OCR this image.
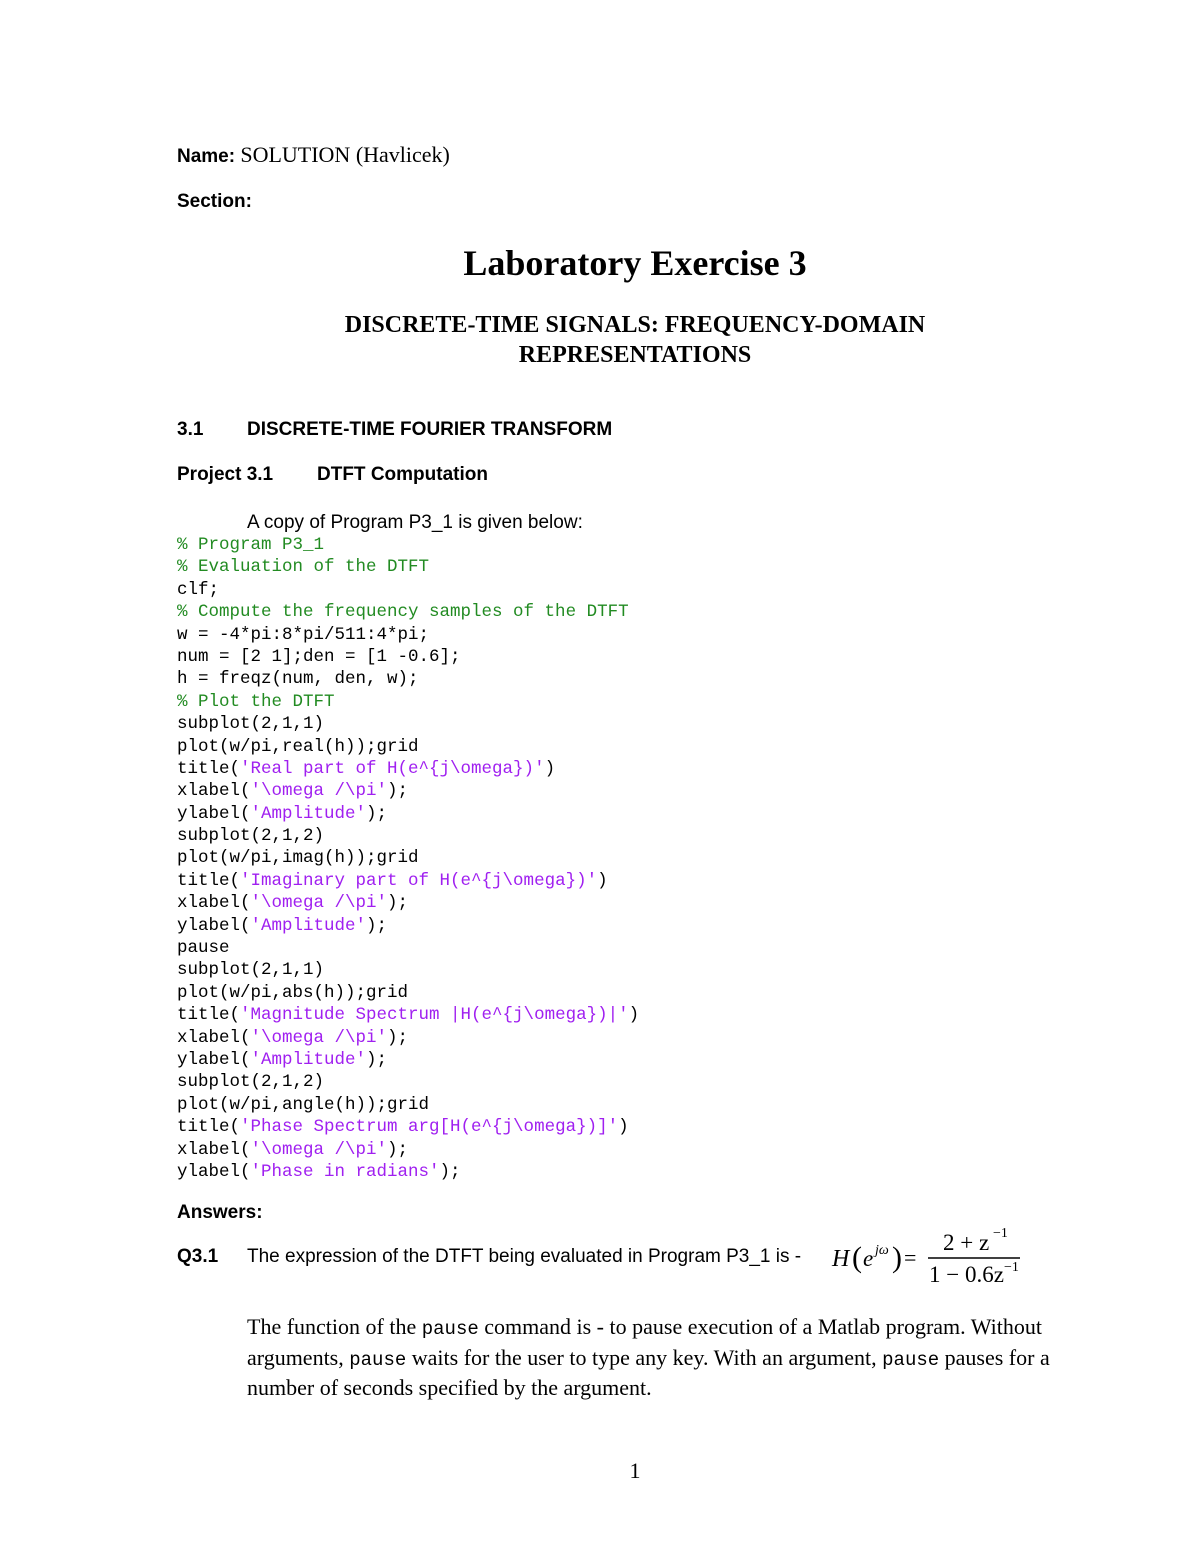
Name: SOLUTION (Havlicek)
Section:
Laboratory Exercise 3
DISCRETE-TIME SIGNALS: FREQUENCY-DOMAIN
REPRESENTATIONS
3.1 DISCRETE-TIME FOURIER TRANSFORM
Project 3.1 DTFT Computation
A copy of Program P3_1 is given below:
% Program P3_1
% Evaluation of the DTFT
clf;
% Compute the frequency samples of the DTFT
w = -4*pi:8*pi/511:4*pi;
num = [2 1];den = [1 -0.6];
h = freqz(num, den, w);
% Plot the DTFT
subplot(2,1,1)
plot(w/pi,real(h));grid
title('Real part of H(e^{j\omega})')
xlabel('\omega /\pi');
ylabel('Amplitude');
subplot(2,1,2)
plot(w/pi,imag(h));grid
title('Imaginary part of H(e^{j\omega})')
xlabel('\omega /\pi');
ylabel('Amplitude');
pause
subplot(2,1,1)
plot(w/pi,abs(h));grid
title('Magnitude Spectrum |H(e^{j\omega})|')
xlabel('\omega /\pi');
ylabel('Amplitude');
subplot(2,1,2)
plot(w/pi,angle(h));grid
title('Phase Spectrum arg[H(e^{j\omega})]')
xlabel('\omega /\pi');
ylabel('Phase in radians');
Answers:
Q3.1 The expression of the DTFT being evaluated in Program P3_1 is - H ( e jω ) =
2 + z −1
1 − 0.6z −1
The function of the pause command is - to pause execution of a Matlab program. Without arguments, pause waits for the user to type any key. With an argument, pause pauses for a number of seconds specified by the argument.
1
